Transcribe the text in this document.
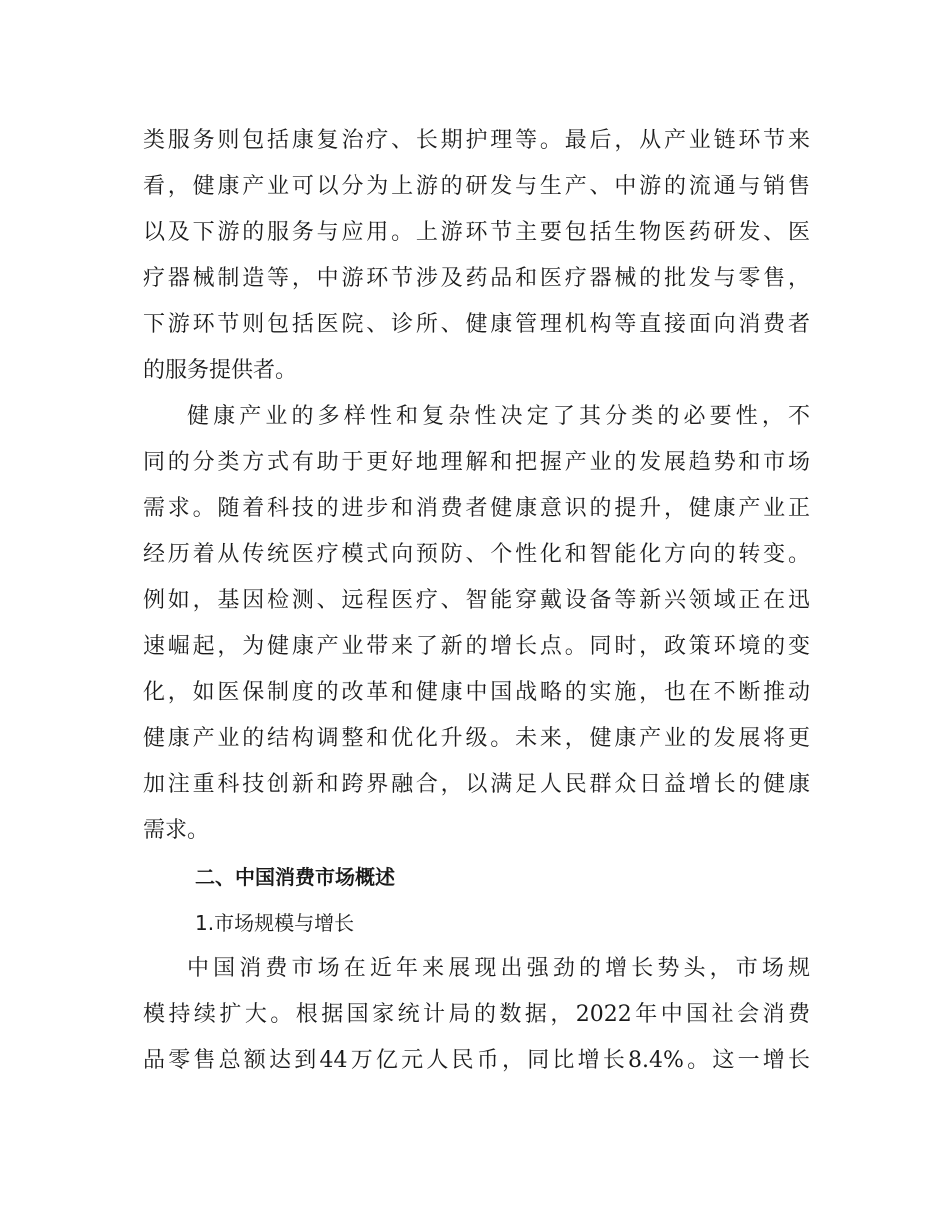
类服务则包括康复治疗、长期护理等。最后，从产业链环节来
看，健康产业可以分为上游的研发与生产、中游的流通与销售
以及下游的服务与应用。上游环节主要包括生物医药研发、医
疗器械制造等，中游环节涉及药品和医疗器械的批发与零售，
下游环节则包括医院、诊所、健康管理机构等直接面向消费者
的服务提供者。
健康产业的多样性和复杂性决定了其分类的必要性，不
同的分类方式有助于更好地理解和把握产业的发展趋势和市场
需求。随着科技的进步和消费者健康意识的提升，健康产业正
经历着从传统医疗模式向预防、个性化和智能化方向的转变。
例如，基因检测、远程医疗、智能穿戴设备等新兴领域正在迅
速崛起，为健康产业带来了新的增长点。同时，政策环境的变
化，如医保制度的改革和健康中国战略的实施，也在不断推动
健康产业的结构调整和优化升级。未来，健康产业的发展将更
加注重科技创新和跨界融合，以满足人民群众日益增长的健康
需求。
二、中国消费市场概述
1.市场规模与增长
中国消费市场在近年来展现出强劲的增长势头，市场规
模持续扩大。根据国家统计局的数据，2022年中国社会消费
品零售总额达到44万亿元人民币，同比增长8.4%。这一增长
